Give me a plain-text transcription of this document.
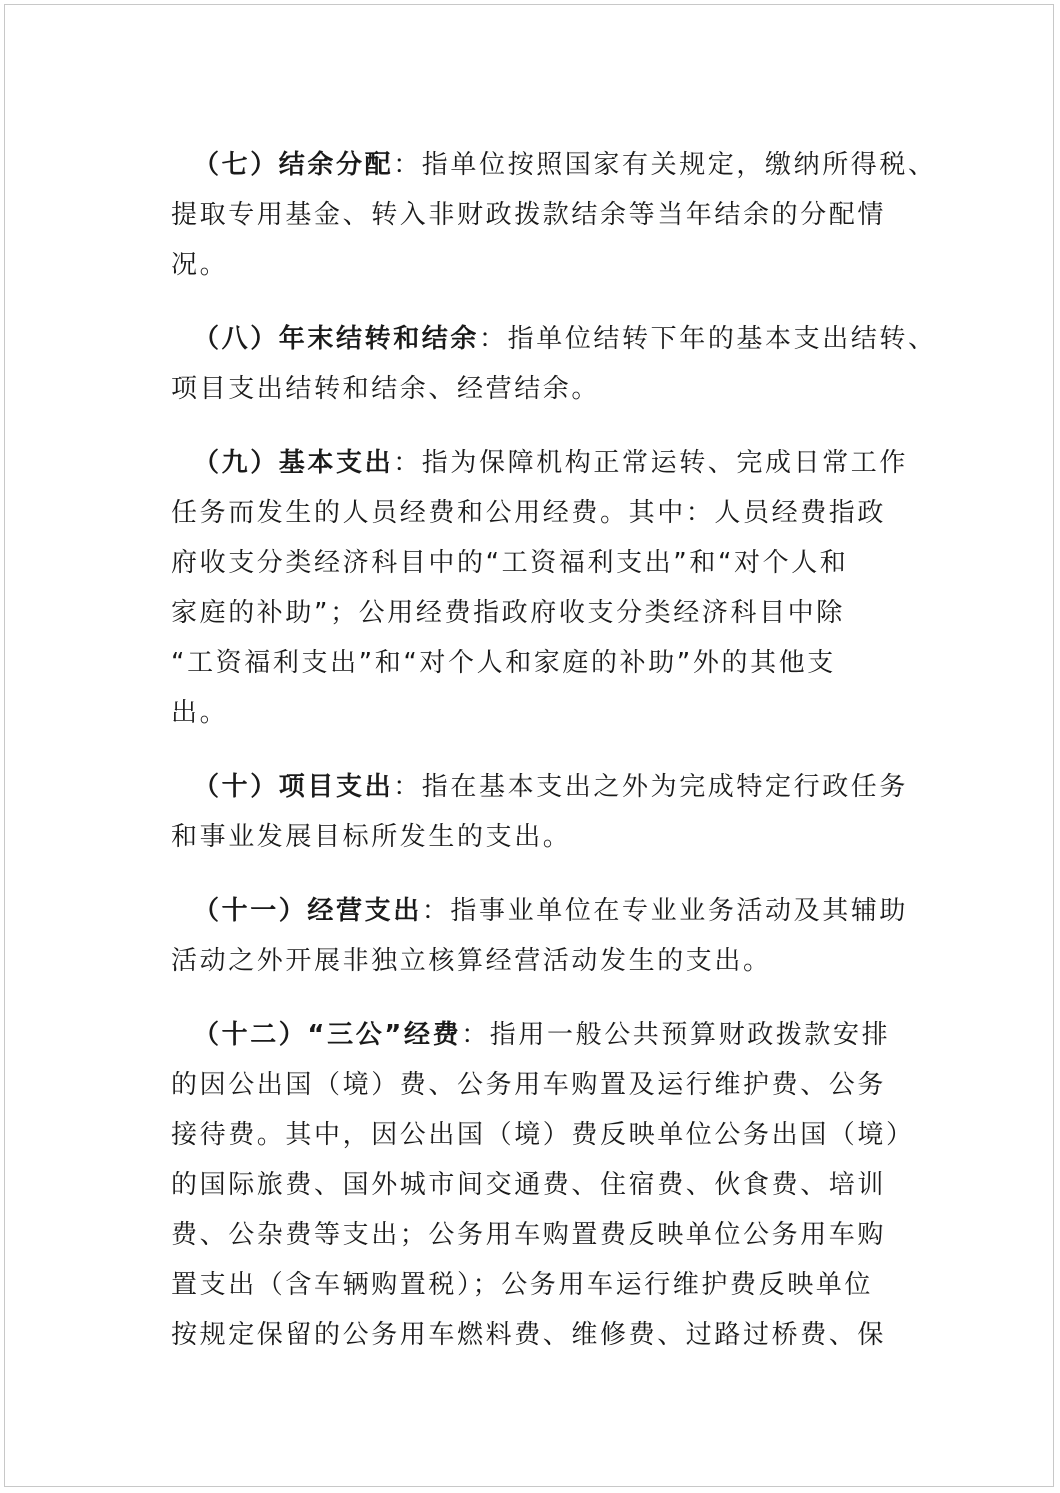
（七）结余分配：指单位按照国家有关规定，缴纳所得税、
提取专用基金、转入非财政拨款结余等当年结余的分配情
况。
（八）年末结转和结余：指单位结转下年的基本支出结转、
项目支出结转和结余、经营结余。
（九）基本支出：指为保障机构正常运转、完成日常工作
任务而发生的人员经费和公用经费。其中：人员经费指政
府收支分类经济科目中的“工资福利支出”和“对个人和
家庭的补助”；公用经费指政府收支分类经济科目中除
“工资福利支出”和“对个人和家庭的补助”外的其他支
出。
（十）项目支出：指在基本支出之外为完成特定行政任务
和事业发展目标所发生的支出。
（十一）经营支出：指事业单位在专业业务活动及其辅助
活动之外开展非独立核算经营活动发生的支出。
（十二）“三公”经费：指用一般公共预算财政拨款安排
的因公出国（境）费、公务用车购置及运行维护费、公务
接待费。其中，因公出国（境）费反映单位公务出国（境）
的国际旅费、国外城市间交通费、住宿费、伙食费、培训
费、公杂费等支出；公务用车购置费反映单位公务用车购
置支出（含车辆购置税）；公务用车运行维护费反映单位
按规定保留的公务用车燃料费、维修费、过路过桥费、保
